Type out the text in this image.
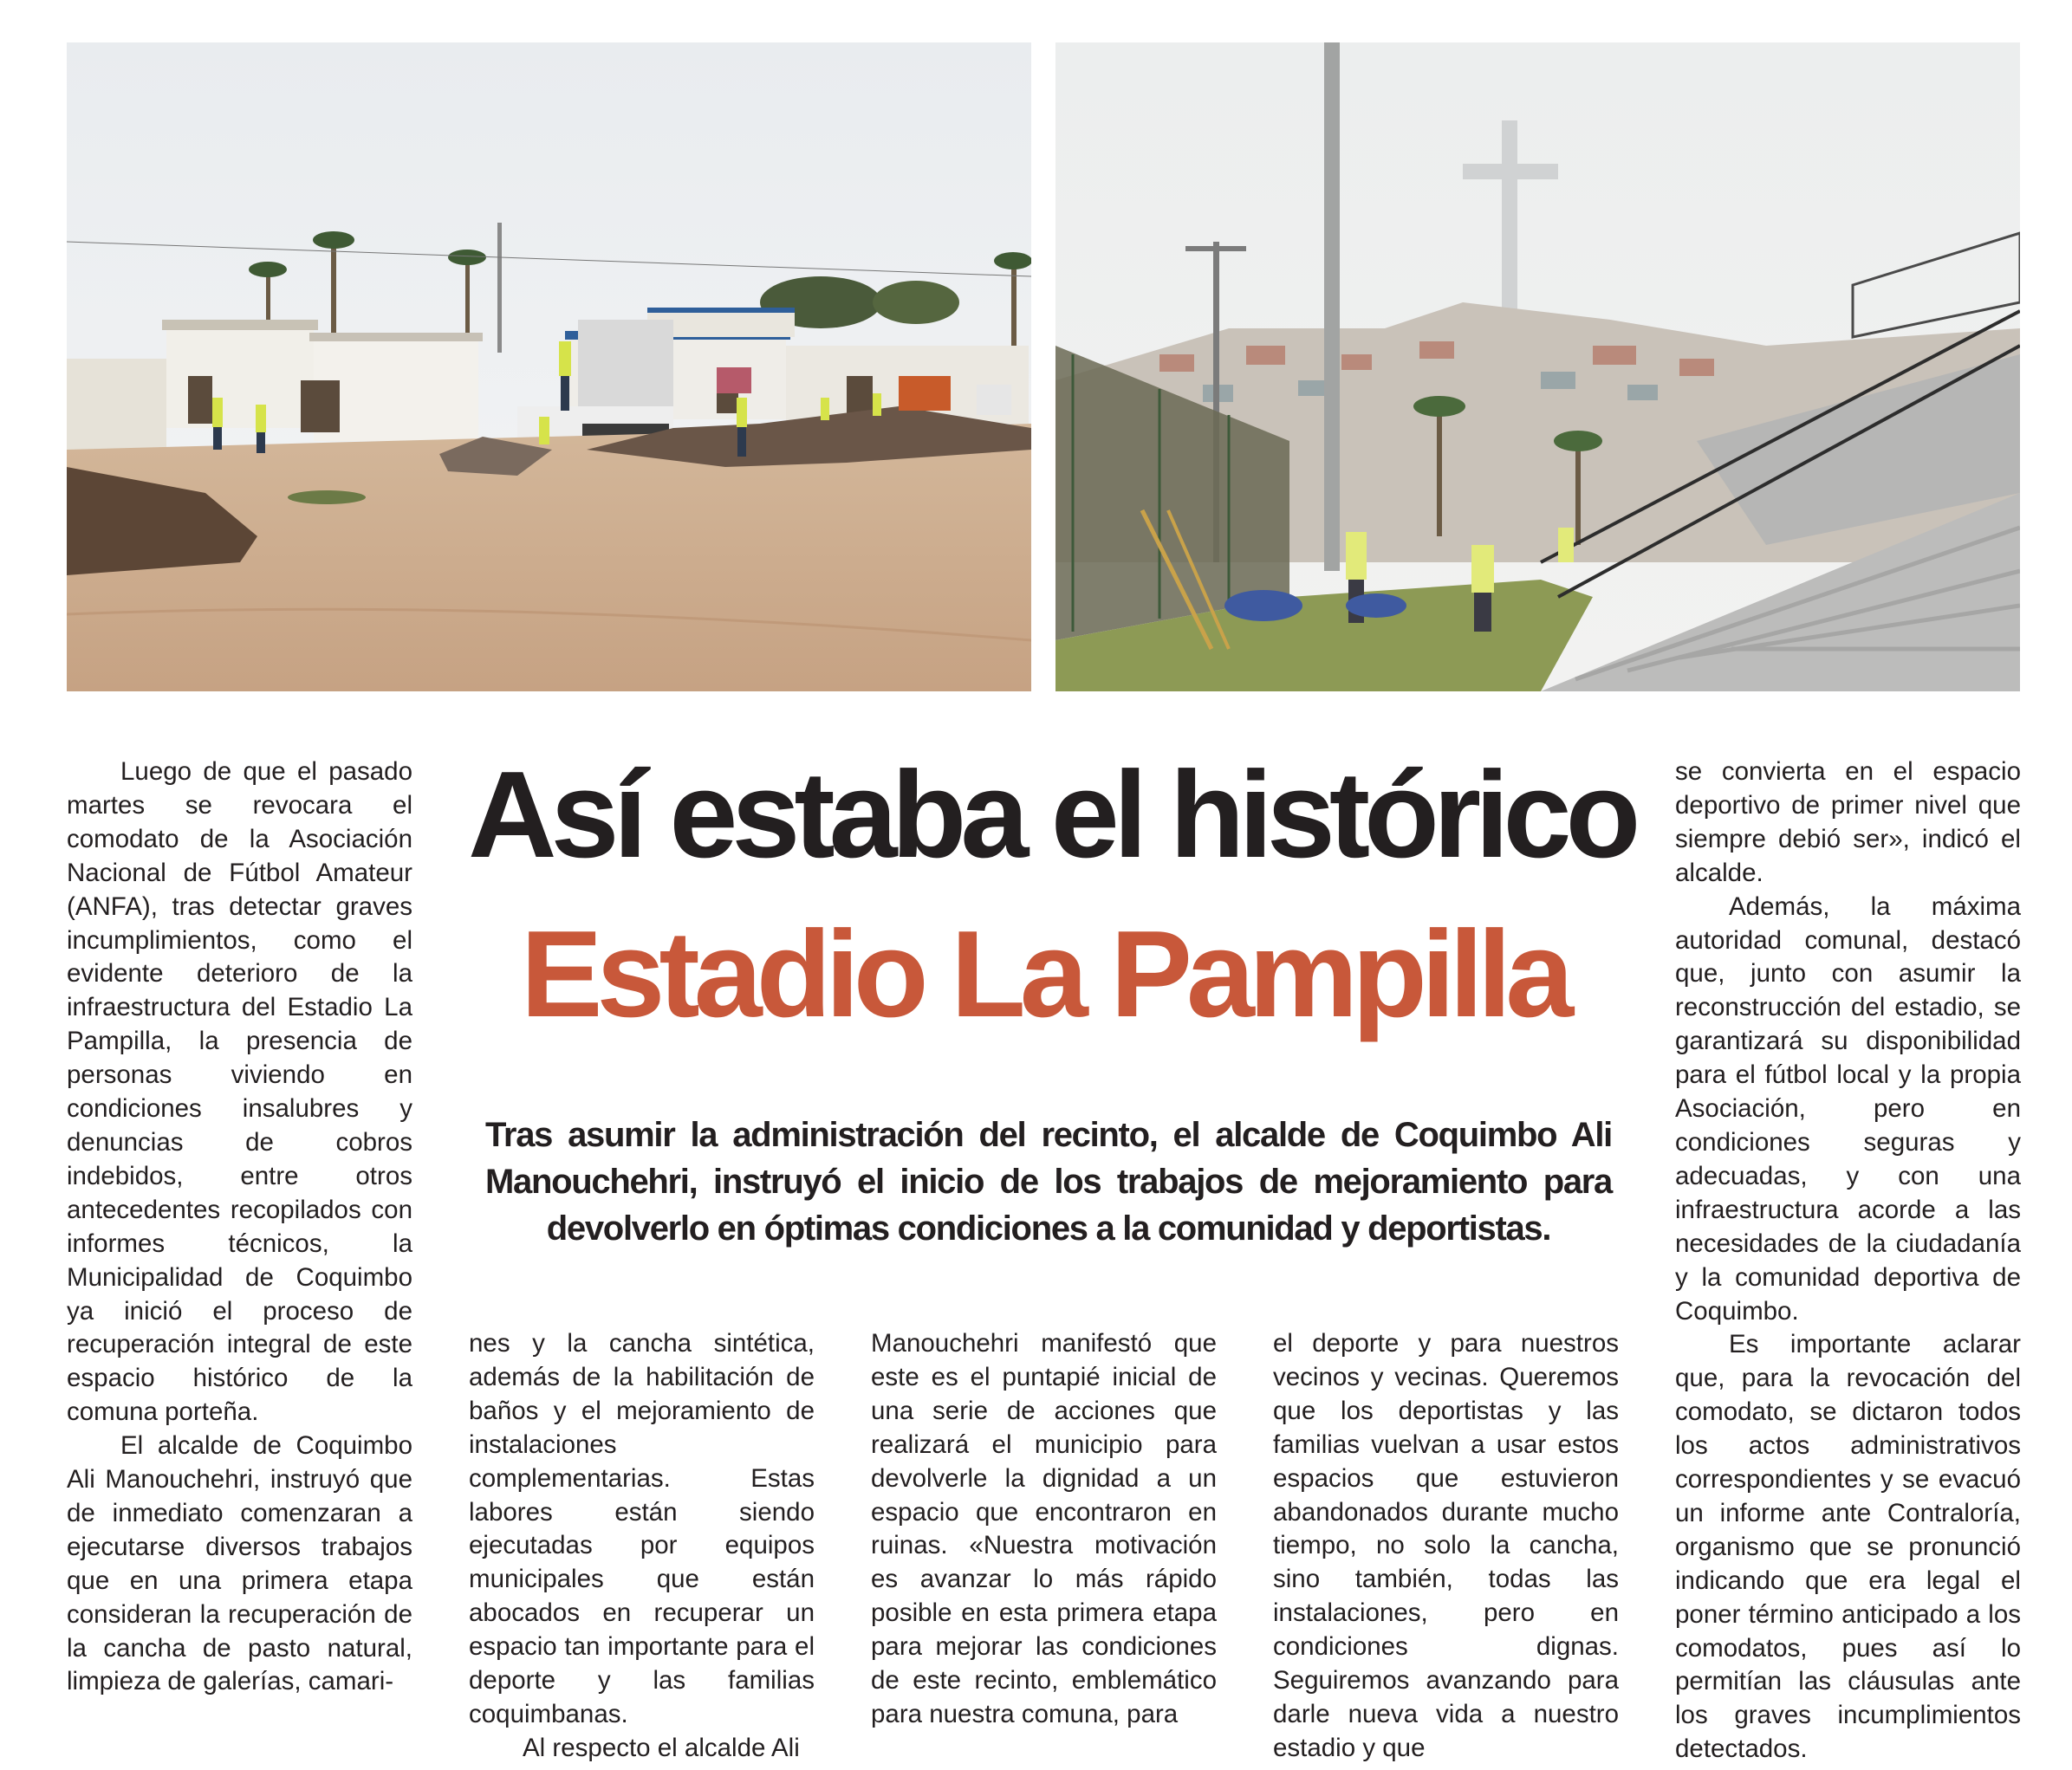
Así estaba el histórico
Estadio La Pampilla

Tras asumir la administración del recinto, el alcalde de Coquimbo Ali Manouchehri, instruyó el inicio de los trabajos de mejoramiento para devolverlo en óptimas condiciones a la comunidad y deportistas.

Luego de que el pasado martes se revocara el comodato de la Asociación Nacional de Fútbol Amateur (ANFA), tras detectar graves incumplimientos, como el evidente deterioro de la infraestructura del Estadio La Pampilla, la presencia de personas viviendo en condiciones insalubres y denuncias de cobros indebidos, entre otros antecedentes recopilados con informes técnicos, la Municipalidad de Coquimbo ya inició el proceso de recuperación integral de este espacio histórico de la comuna porteña.

El alcalde de Coquimbo Ali Manouchehri, instruyó que de inmediato comenzaran a ejecutarse diversos trabajos que en una primera etapa consideran la recuperación de la cancha de pasto natural, limpieza de galerías, camari-

nes y la cancha sintética, además de la habilitación de baños y el mejoramiento de instalaciones complementarias. Estas labores están siendo ejecutadas por equipos municipales que están abocados en recuperar un espacio tan importante para el deporte y las familias coquimbanas.

Al respecto el alcalde Ali

Manouchehri manifestó que este es el puntapié inicial de una serie de acciones que realizará el municipio para devolverle la dignidad a un espacio que encontraron en ruinas. «Nuestra motivación es avanzar lo más rápido posible en esta primera etapa para mejorar las condiciones de este recinto, emblemático para nuestra comuna, para

el deporte y para nuestros vecinos y vecinas. Queremos que los deportistas y las familias vuelvan a usar estos espacios que estuvieron abandonados durante mucho tiempo, no solo la cancha, sino también, todas las instalaciones, pero en condiciones dignas. Seguiremos avanzando para darle nueva vida a nuestro estadio y que

se convierta en el espacio deportivo de primer nivel que siempre debió ser», indicó el alcalde.

Además, la máxima autoridad comunal, destacó que, junto con asumir la reconstrucción del estadio, se garantizará su disponibilidad para el fútbol local y la propia Asociación, pero en condiciones seguras y adecuadas, y con una infraestructura acorde a las necesidades de la ciudadanía y la comunidad deportiva de Coquimbo.

Es importante aclarar que, para la revocación del comodato, se dictaron todos los actos administrativos correspondientes y se evacuó un informe ante Contraloría, organismo que se pronunció indicando que era legal el poner término anticipado a los comodatos, pues así lo permitían las cláusulas ante los graves incumplimientos detectados.
